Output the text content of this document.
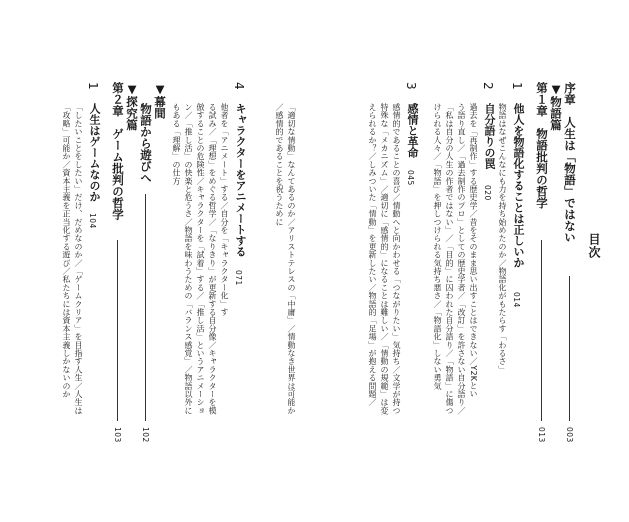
目次
序章　人生は「物語」ではない
003
▼物語篇
第１章　物語批判の哲学
013
1
他人を物語化することは正しいか
014
物語はなぜこんなにも力を持ち始めたのか／物語化がもたらす「わるさ」
2
自分語りの罠
020
過去を「再制作」する歴史学／昔をそのまま思い出すことはできない／Y2Kとい
う語り直し／「過去制作のプロ」としての歴史学者／「改訂」を許さない自分語り／
「私は自分の人生の作者ではない」／「目的」に囚われた自分語り／「物語」に傷つ
けられる人々／「物語」を押しつけられる気持ち悪さ／「物語化」しない勇気
3
感情と革命
045
感情的であることの喜び／情動へと向かわせる「つながりたい」気持ち／文学が持つ
特殊な「メカニズム」／適切に「感情的」になることは難しい／「情動の規範」は変
えられるか？／しみついた「情動」を更新したい／物語的「足場」が抱える問題／
「適切な情動」なんてあるのか／アリストテレスの「中庸」／情動なき世界は可能か
／感情的であることを祝うために
4
キャラクターをアニメートする
071
他者を「アニメート」する／自分を「キャラクター化」す
る試み／「理想」をめぐる哲学／「なりきり」が更新する自分像／キャラクターを模
倣することの危険性／キャラクターを「試着」する／「推し活」というアニメーショ
ン／「推し活」の快楽と危うさ／物語を味わうための「バランス感覚」／物語以外に
もある「理解」の仕方
▼幕間
物語から遊びへ
102
▼探究篇
第２章　ゲーム批判の哲学
103
1
人生はゲームなのか
104
「したいことをしたい」だけ、だめなのか／「ゲームクリア」を目指す人生／人生は
「攻略」可能か／資本主義を正当化する遊び／私たちには資本主義しかないのか
